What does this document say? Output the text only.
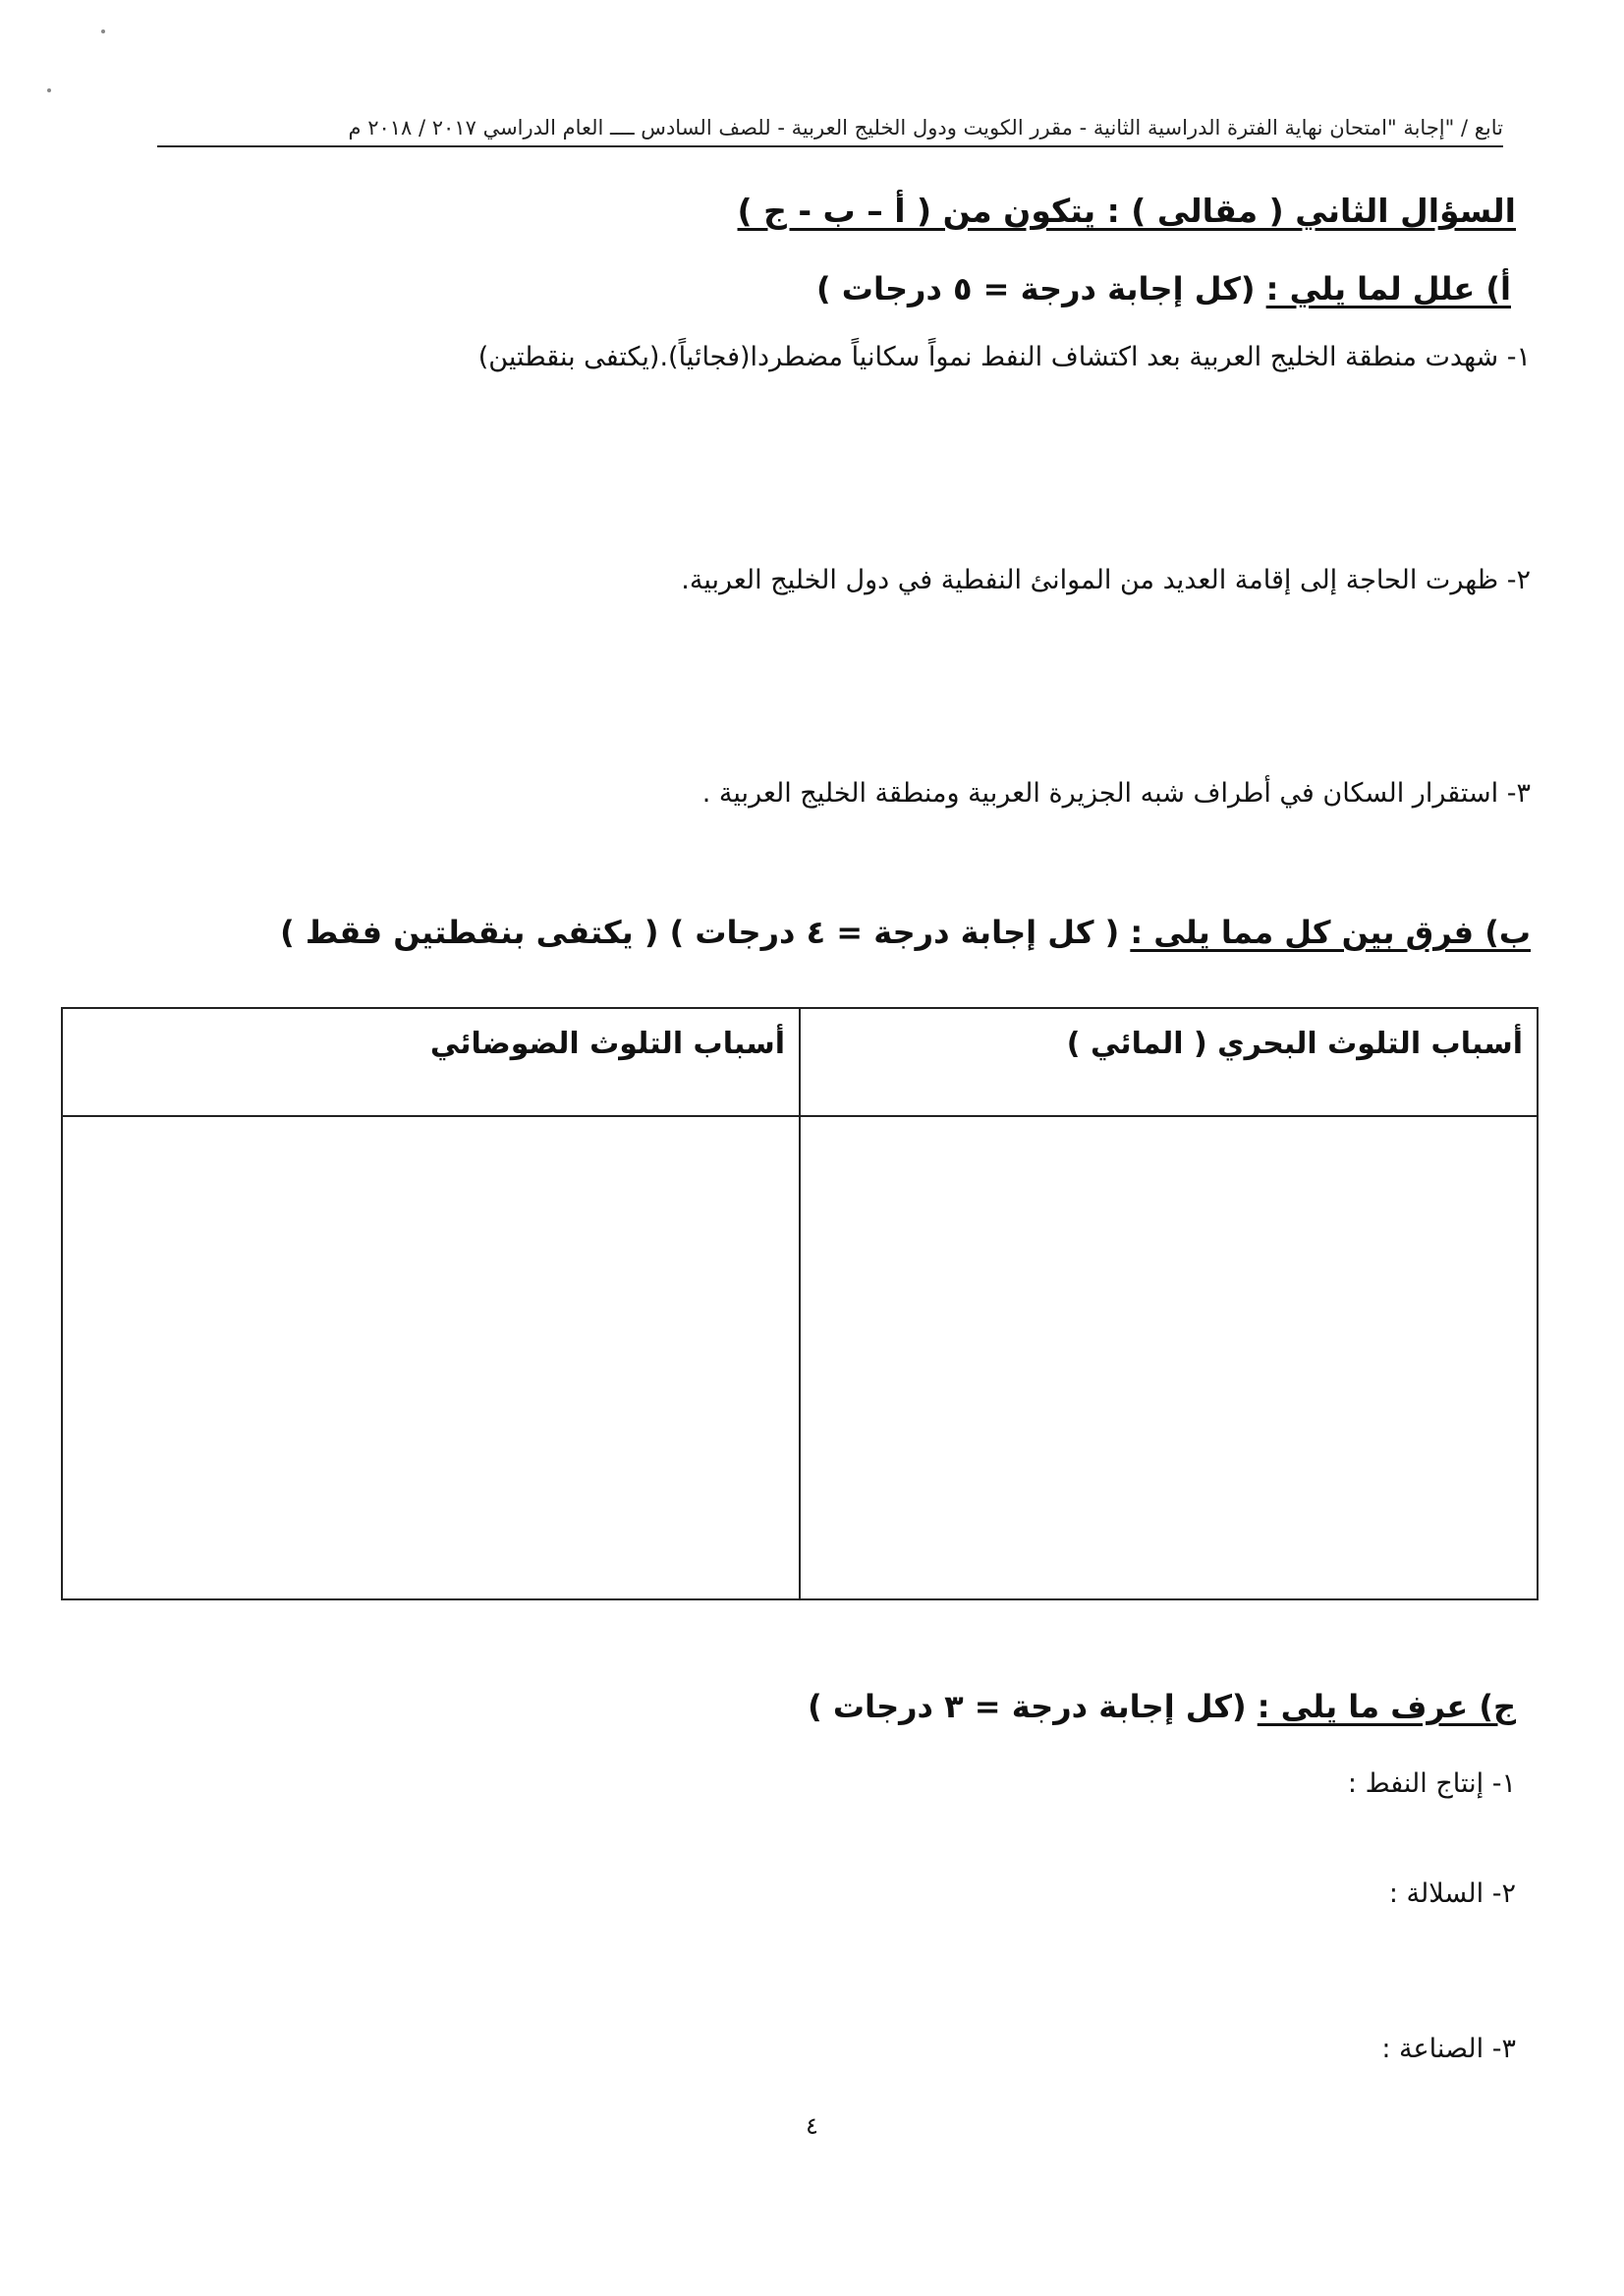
تابع / "إجابة "امتحان نهاية الفترة الدراسية الثانية - مقرر الكويت ودول الخليج العربية - للصف السادس ــــ العام الدراسي ٢٠١٧ / ٢٠١٨ م
السؤال الثاني ( مقالى ) : يتكون من ( أ – ب - ج )
أ) علل لما يلي : (كل إجابة درجة = ٥ درجات )
١- شهدت منطقة الخليج العربية بعد اكتشاف النفط نمواً سكانياً مضطردا(فجائياً).(يكتفى بنقطتين)
٢- ظهرت الحاجة إلى إقامة العديد من الموانئ النفطية في دول الخليج العربية.
٣- استقرار السكان في أطراف شبه الجزيرة العربية ومنطقة الخليج العربية .
ب) فرق بين كل مما يلى : ( كل إجابة درجة = ٤ درجات ) ( يكتفى بنقطتين فقط )
أسباب التلوث البحري ( المائي )
أسباب التلوث الضوضائي
ج) عرف ما يلى : (كل إجابة درجة = ٣ درجات )
١- إنتاج النفط :
٢- السلالة :
٣- الصناعة :
٤
